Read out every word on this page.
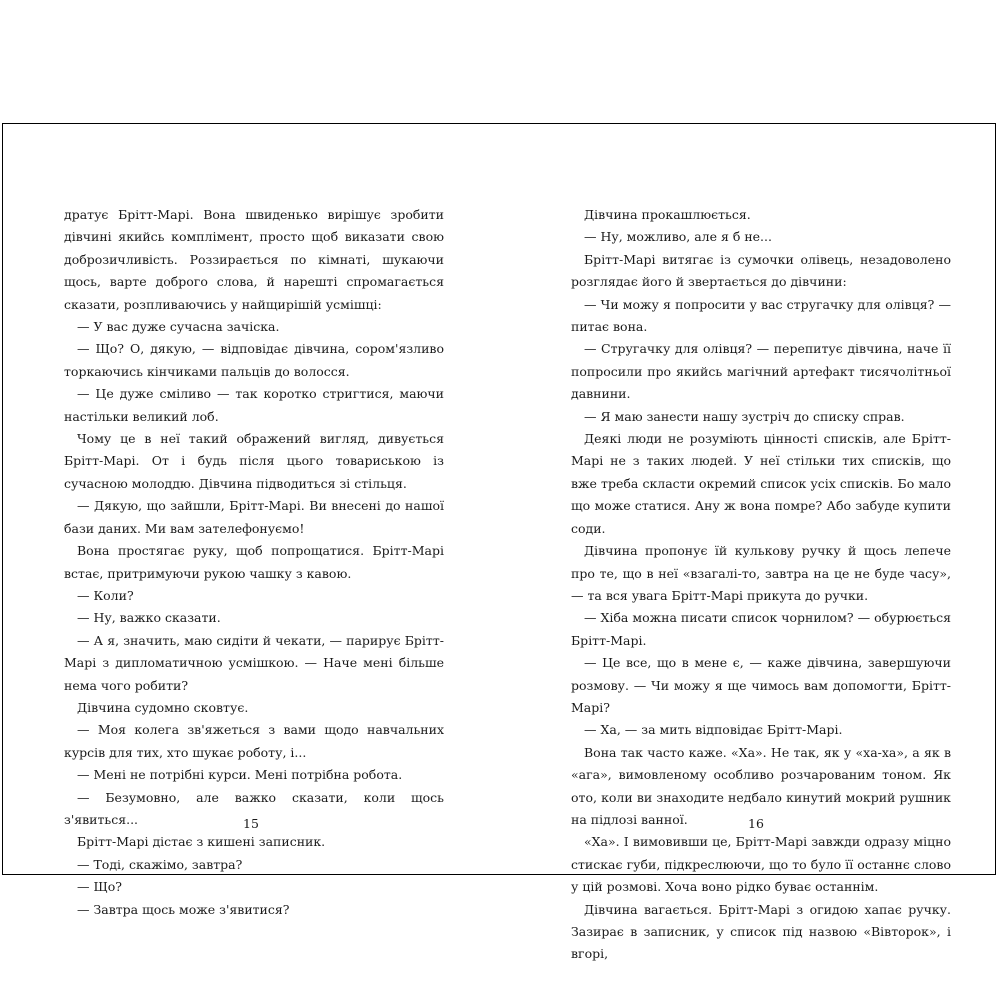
дратує Брітт-Марі. Вона швиденько вирішує зробити дівчині якийсь комплімент, просто щоб виказати свою доброзичливість. Роззирається по кімнаті, шукаючи щось, варте доброго слова, й нарешті спромагається сказати, розпливаючись у найщирішій усмішці:

— У вас дуже сучасна зачіска.

— Що? О, дякую, — відповідає дівчина, сором'язливо торкаючись кінчиками пальців до волосся.

— Це дуже сміливо — так коротко стригтися, маючи настільки великий лоб.

Чому це в неї такий ображений вигляд, дивується Брітт-Марі. От і будь після цього товариською із сучасною молоддю. Дівчина підводиться зі стільця.

— Дякую, що зайшли, Брітт-Марі. Ви внесені до нашої бази даних. Ми вам зателефонуємо!

Вона простягає руку, щоб попрощатися. Брітт-Марі встає, притримуючи рукою чашку з кавою.

— Коли?

— Ну, важко сказати.

— А я, значить, маю сидіти й чекати, — парирує Брітт-Марі з дипломатичною усмішкою. — Наче мені більше нема чого робити?

Дівчина судомно сковтує.

— Моя колега зв'яжеться з вами щодо навчальних курсів для тих, хто шукає роботу, і...

— Мені не потрібні курси. Мені потрібна робота.

— Безумовно, але важко сказати, коли щось з'явиться...

Брітт-Марі дістає з кишені записник.

— Тоді, скажімо, завтра?

— Що?

— Завтра щось може з'явитися?

Дівчина прокашлюється.

— Ну, можливо, але я б не...

Брітт-Марі витягає із сумочки олівець, незадоволено розглядає його й звертається до дівчини:

— Чи можу я попросити у вас стругачку для олівця? — питає вона.

— Стругачку для олівця? — перепитує дівчина, наче її попросили про якийсь магічний артефакт тисячолітньої давнини.

— Я маю занести нашу зустріч до списку справ.

Деякі люди не розуміють цінності списків, але Брітт-Марі не з таких людей. У неї стільки тих списків, що вже треба скласти окремий список усіх списків. Бо мало що може статися. Ану ж вона помре? Або забуде купити соди.

Дівчина пропонує їй кулькову ручку й щось лепече про те, що в неї «взагалі-то, завтра на це не буде часу», — та вся увага Брітт-Марі прикута до ручки.

— Хіба можна писати список чорнилом? — обурюється Брітт-Марі.

— Це все, що в мене є, — каже дівчина, завершуючи розмову. — Чи можу я ще чимось вам допомогти, Брітт-Марі?

— Ха, — за мить відповідає Брітт-Марі.

Вона так часто каже. «Ха». Не так, як у «ха-ха», а як в «ага», вимовленому особливо розчарованим тоном. Як ото, коли ви знаходите недбало кинутий мокрий рушник на підлозі ванної.

«Ха». І вимовивши це, Брітт-Марі завжди одразу міцно стискає губи, підкреслюючи, що то було її останнє слово у цій розмові. Хоча воно рідко буває останнім.

Дівчина вагається. Брітт-Марі з огидою хапає ручку. Зазирає в записник, у список під назвою «Вівторок», і вгорі,

15	16
